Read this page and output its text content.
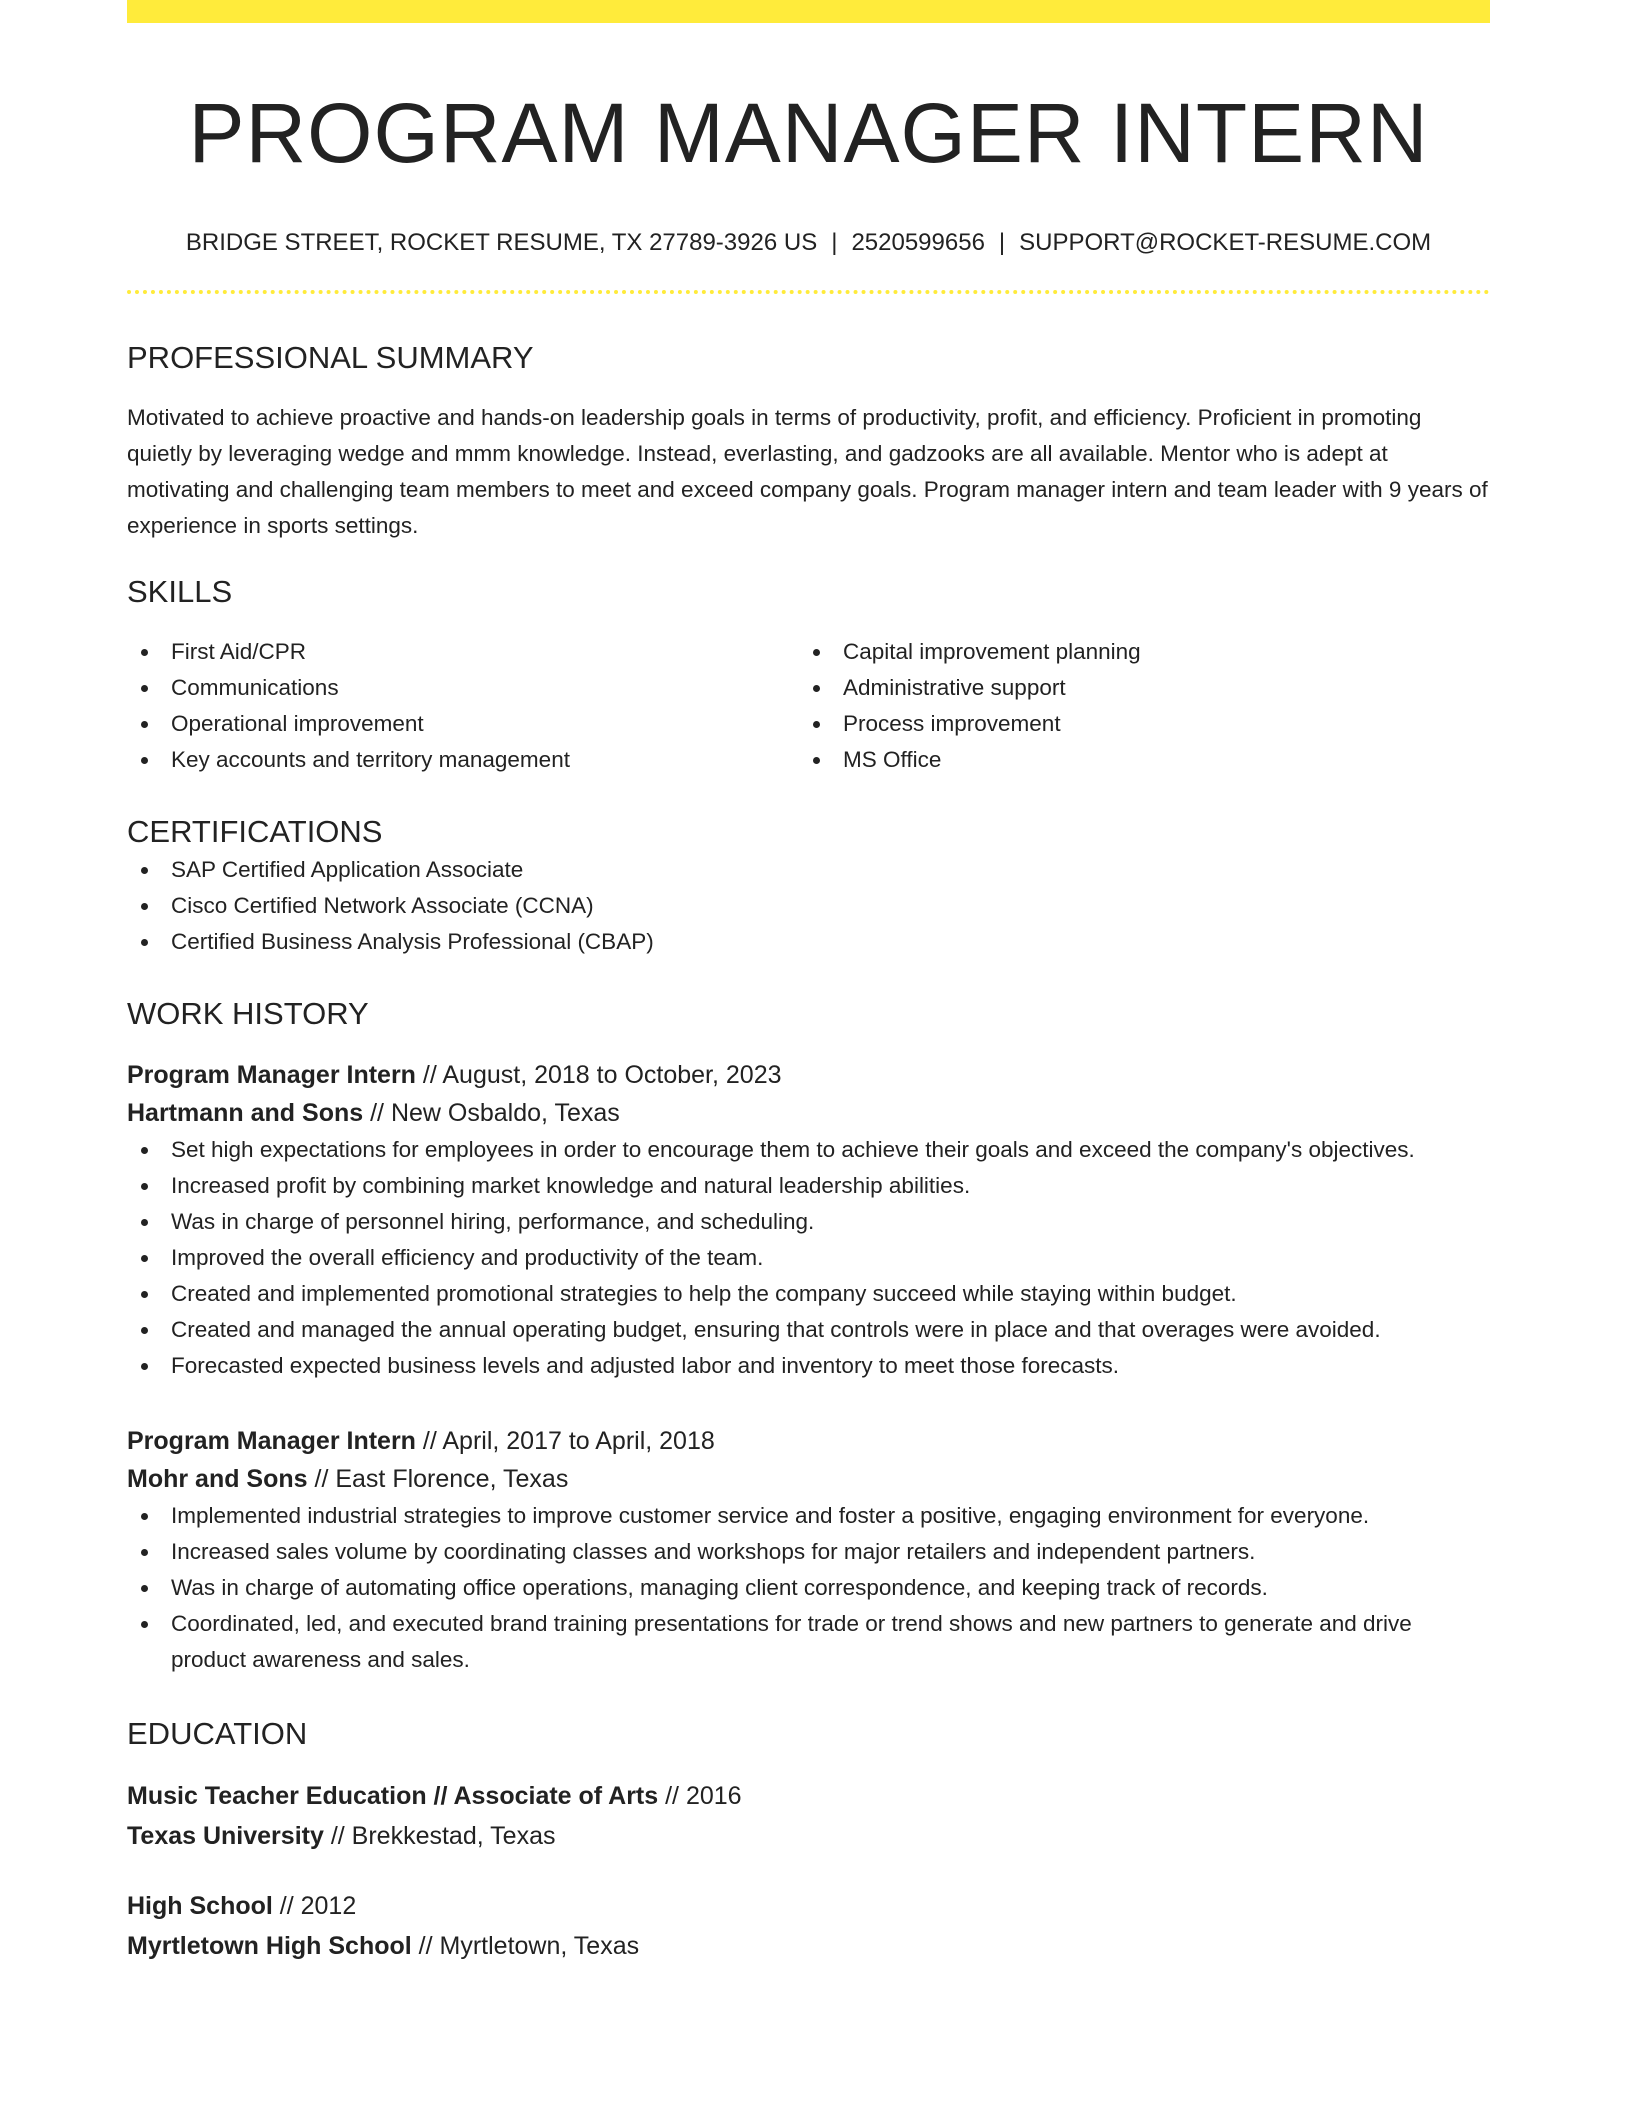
PROGRAM MANAGER INTERN
BRIDGE STREET, ROCKET RESUME, TX 27789-3926 US | 2520599656 | SUPPORT@ROCKET-RESUME.COM
PROFESSIONAL SUMMARY
Motivated to achieve proactive and hands-on leadership goals in terms of productivity, profit, and efficiency. Proficient in promoting quietly by leveraging wedge and mmm knowledge. Instead, everlasting, and gadzooks are all available. Mentor who is adept at motivating and challenging team members to meet and exceed company goals. Program manager intern and team leader with 9 years of experience in sports settings.
SKILLS
First Aid/CPR
Communications
Operational improvement
Key accounts and territory management
Capital improvement planning
Administrative support
Process improvement
MS Office
CERTIFICATIONS
SAP Certified Application Associate
Cisco Certified Network Associate (CCNA)
Certified Business Analysis Professional (CBAP)
WORK HISTORY
Program Manager Intern // August, 2018 to October, 2023
Hartmann and Sons // New Osbaldo, Texas
Set high expectations for employees in order to encourage them to achieve their goals and exceed the company's objectives.
Increased profit by combining market knowledge and natural leadership abilities.
Was in charge of personnel hiring, performance, and scheduling.
Improved the overall efficiency and productivity of the team.
Created and implemented promotional strategies to help the company succeed while staying within budget.
Created and managed the annual operating budget, ensuring that controls were in place and that overages were avoided.
Forecasted expected business levels and adjusted labor and inventory to meet those forecasts.
Program Manager Intern // April, 2017 to April, 2018
Mohr and Sons // East Florence, Texas
Implemented industrial strategies to improve customer service and foster a positive, engaging environment for everyone.
Increased sales volume by coordinating classes and workshops for major retailers and independent partners.
Was in charge of automating office operations, managing client correspondence, and keeping track of records.
Coordinated, led, and executed brand training presentations for trade or trend shows and new partners to generate and drive product awareness and sales.
EDUCATION
Music Teacher Education // Associate of Arts // 2016
Texas University // Brekkestad, Texas
High School // 2012
Myrtletown High School // Myrtletown, Texas
